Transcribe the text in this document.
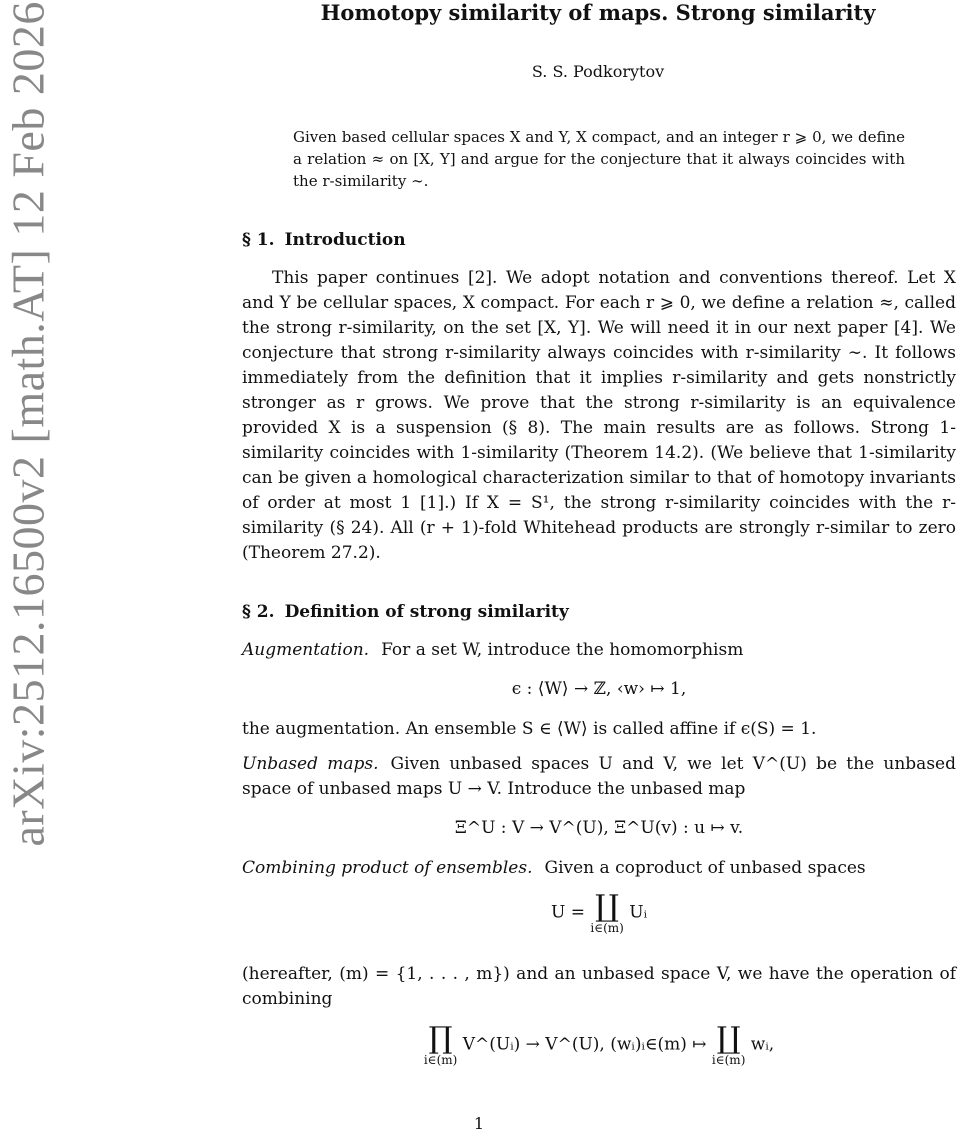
arXiv:2512.16500v2 [math.AT] 12 Feb 2026	Homotopy similarity of maps. Strong similarity
S. S. Podkorytov
Given based cellular spaces X and Y, X compact, and an integer r ⩾ 0, we define a relation ≈ on [X, Y] and argue for the conjecture that it always coincides with the r-similarity ∼.
§ 1. Introduction
This paper continues [2]. We adopt notation and conventions thereof. Let X and Y be cellular spaces, X compact. For each r ⩾ 0, we define a relation ≈, called the strong r-similarity, on the set [X, Y]. We will need it in our next paper [4]. We conjecture that strong r-similarity always coincides with r-similarity ∼. It follows immediately from the definition that it implies r-similarity and gets nonstrictly stronger as r grows. We prove that the strong r-similarity is an equivalence provided X is a suspension (§ 8). The main results are as follows. Strong 1-similarity coincides with 1-similarity (Theorem 14.2). (We believe that 1-similarity can be given a homological characterization similar to that of homotopy invariants of order at most 1 [1].) If X = S¹, the strong r-similarity coincides with the r-similarity (§ 24). All (r + 1)-fold Whitehead products are strongly r-similar to zero (Theorem 27.2).
§ 2. Definition of strong similarity
Augmentation. For a set W, introduce the homomorphism
ϵ : ⟨W⟩ → ℤ, ‹w› ↦ 1,
the augmentation. An ensemble S ∈ ⟨W⟩ is called affine if ϵ(S) = 1.
Unbased maps. Given unbased spaces U and V, we let V^(U) be the unbased space of unbased maps U → V. Introduce the unbased map
Ξ^U : V → V^(U), Ξ^U(v) : u ↦ v.
Combining product of ensembles. Given a coproduct of unbased spaces
U = ∐
i∈(m)
Uᵢ
(hereafter, (m) = {1, . . . , m}) and an unbased space V, we have the operation of combining
∏
i∈(m)
V^(Uᵢ) → V^(U), (wᵢ)ᵢ∈(m) ↦ ∐
i∈(m)
wᵢ,
1
